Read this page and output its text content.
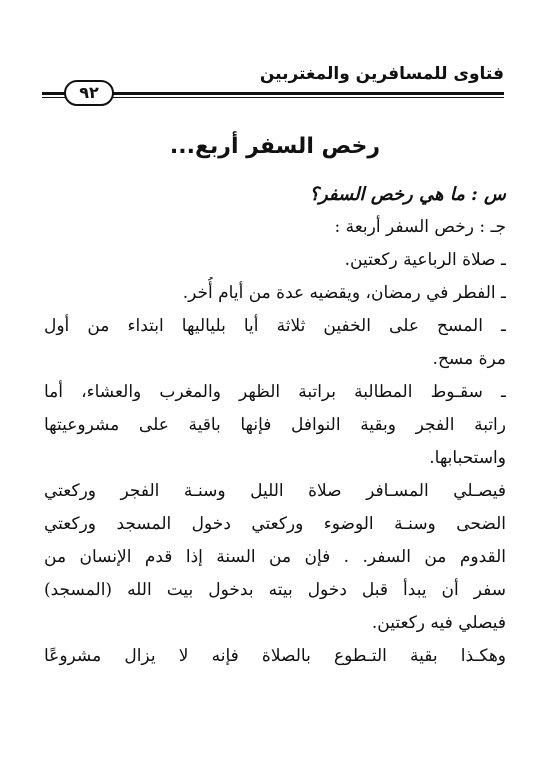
فتاوى للمسافرين والمغتربين
٩٢
رخص السفر أربع...
س : ما هي رخص السفر؟
جـ : رخص السفر أربعة :
ـ صلاة الرباعية ركعتين.
ـ الفطر في رمضان، ويقضيه عدة من أيام أُخر.
ـ المسح على الخفين ثلاثة أيا بلياليها ابتداء من أول
مرة مسح.
ـ سقـوط المطالبة براتبة الظهر والمغرب والعشاء، أما
راتبة الفجر وبقية النوافل فإنها باقية على مشروعيتها
واستحبابها.
فيصـلي المسـافر صلاة الليل وسنـة الفجر وركعتي
الضحى وسنـة الوضوء وركعتي دخول المسجد وركعتي
القدوم من السفر. . فإن من السنة إذا قدم الإنسان من
سفر أن يبدأ قبل دخول بيته بدخول بيت الله (المسجد)
فيصلي فيه ركعتين.
وهكـذا بقية التـطوع بالصلاة فإنه لا يزال مشروعًا
